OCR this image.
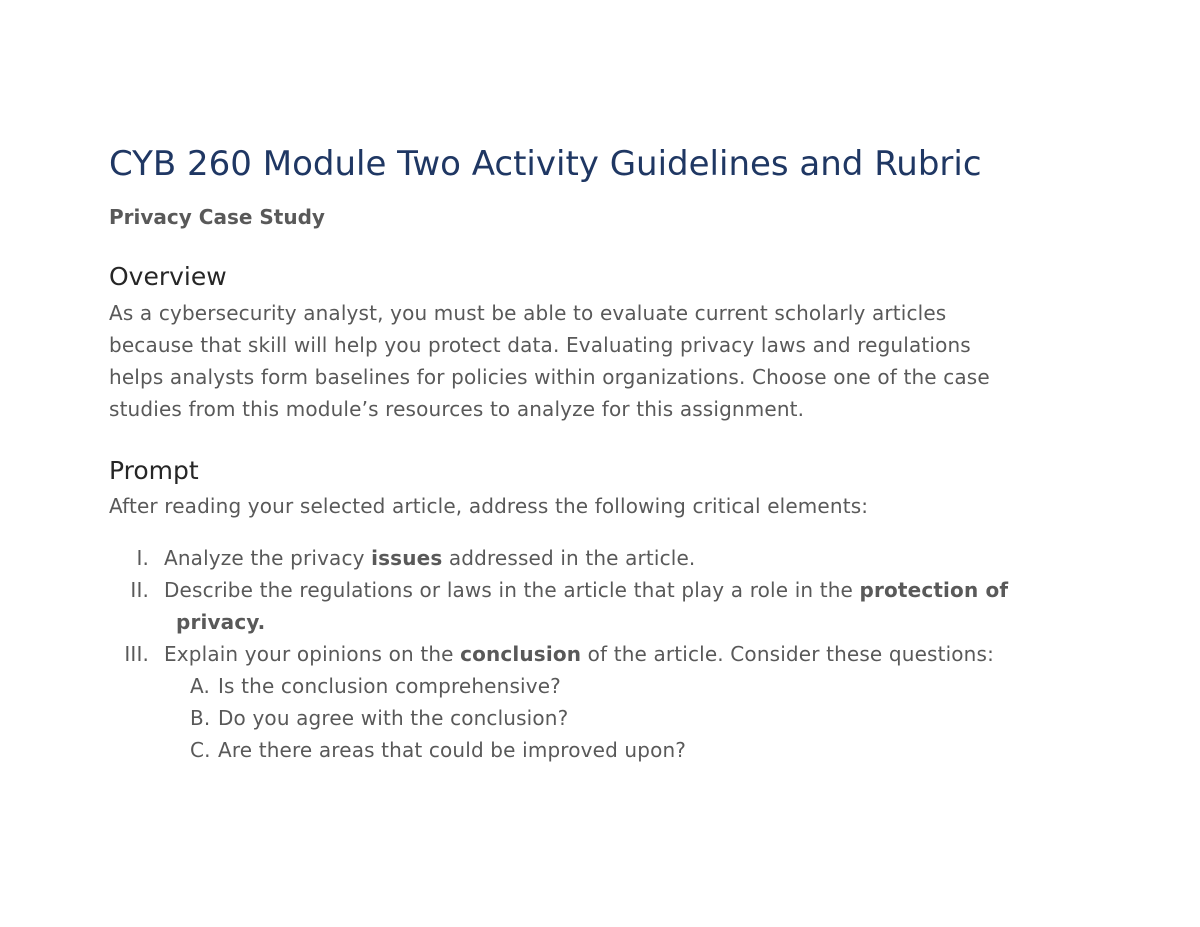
CYB 260 Module Two Activity Guidelines and Rubric

Privacy Case Study

Overview
As a cybersecurity analyst, you must be able to evaluate current scholarly articles
because that skill will help you protect data. Evaluating privacy laws and regulations
helps analysts form baselines for policies within organizations. Choose one of the case
studies from this module’s resources to analyze for this assignment.
Prompt

After reading your selected article, address the following critical elements:

I. Analyze the privacy issues addressed in the article.
II. Describe the regulations or laws in the article that play a role in the protection of
privacy.
III. Explain your opinions on the conclusion of the article. Consider these questions:
A. Is the conclusion comprehensive?
B. Do you agree with the conclusion?
C. Are there areas that could be improved upon?
